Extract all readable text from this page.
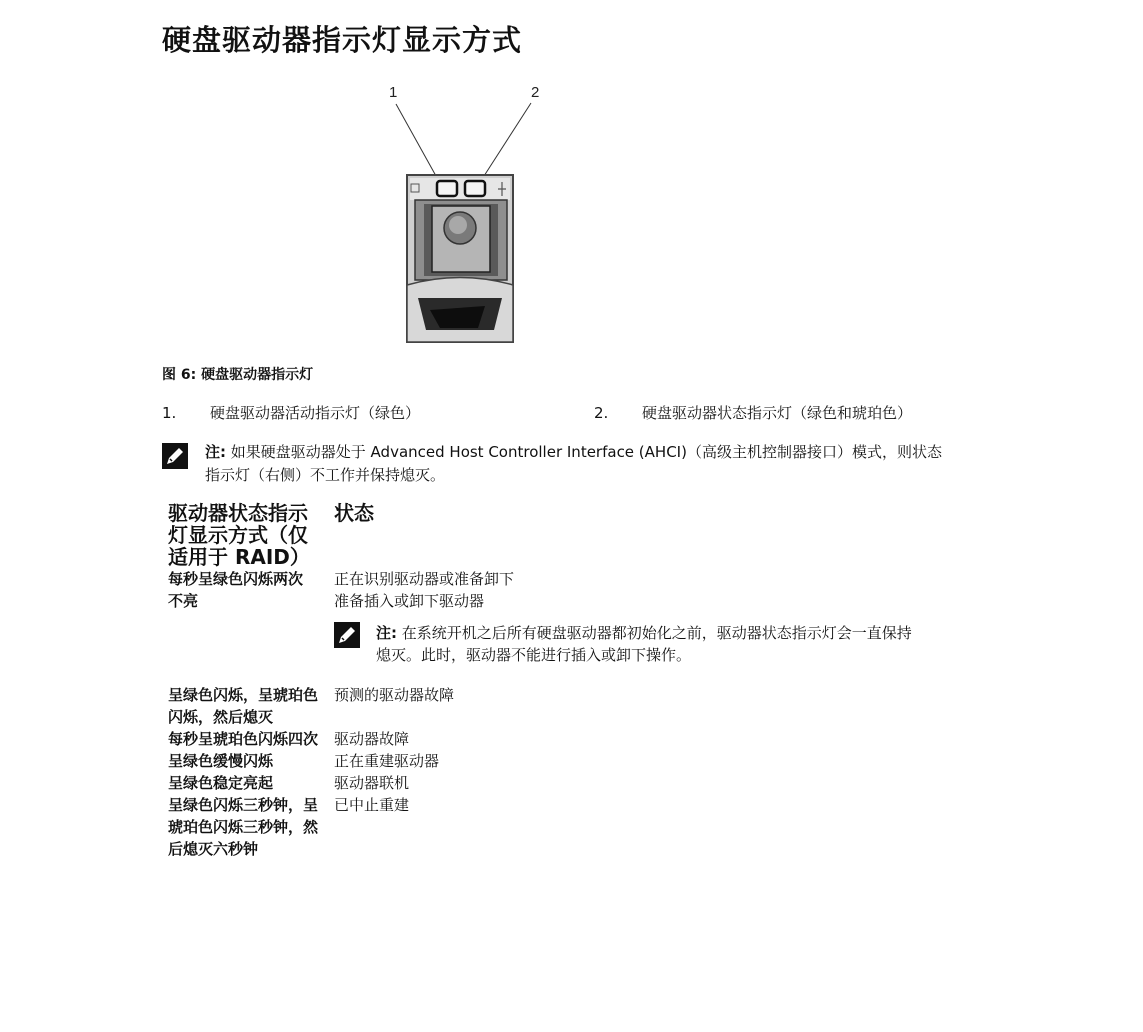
硬盘驱动器指示灯显示方式
1	2
图 6: 硬盘驱动器指示灯
1. 硬盘驱动器活动指示灯（绿色）	2. 硬盘驱动器状态指示灯（绿色和琥珀色）
注: 如果硬盘驱动器处于 Advanced Host Controller Interface (AHCI)（高级主机控制器接口）模式，则状态
指示灯（右侧）不工作并保持熄灭。
驱动器状态指示灯显示方式（仅适用于 RAID）	状态
每秒呈绿色闪烁两次	正在识别驱动器或准备卸下
不亮	准备插入或卸下驱动器
注: 在系统开机之后所有硬盘驱动器都初始化之前，驱动器状态指示灯会一直保持
熄灭。此时，驱动器不能进行插入或卸下操作。

呈绿色闪烁，呈琥珀色闪烁，然后熄灭	预测的驱动器故障
每秒呈琥珀色闪烁四次	驱动器故障
呈绿色缓慢闪烁	正在重建驱动器
呈绿色稳定亮起	驱动器联机
呈绿色闪烁三秒钟，呈琥珀色闪烁三秒钟，然后熄灭六秒钟	已中止重建
